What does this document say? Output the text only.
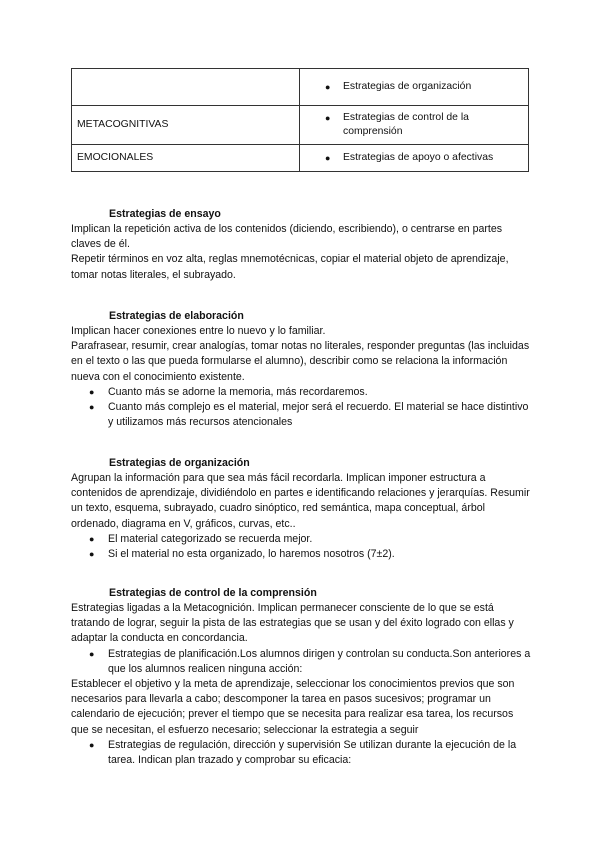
	● Estrategias de organización

METACOGNITIVAS	● Estrategias de control de la comprensión

EMOCIONALES	● Estrategias de apoyo o afectivas
Estrategias de ensayo

Implican la repetición activa de los contenidos (diciendo, escribiendo), o centrarse en partes claves de él.

Repetir términos en voz alta, reglas mnemotécnicas, copiar el material objeto de aprendizaje, tomar notas literales, el subrayado.

Estrategias de elaboración

Implican hacer conexiones entre lo nuevo y lo familiar.

Parafrasear, resumir, crear analogías, tomar notas no literales, responder preguntas (las incluidas en el texto o las que pueda formularse el alumno), describir como se relaciona la información nueva con el conocimiento existente.

● Cuanto más se adorne la memoria, más recordaremos.
● Cuanto más complejo es el material, mejor será el recuerdo. El material se hace distintivo y utilizamos más recursos atencionales
Estrategias de organización

Agrupan la información para que sea más fácil recordarla. Implican imponer estructura a contenidos de aprendizaje, dividiéndolo en partes e identificando relaciones y jerarquías. Resumir un texto, esquema, subrayado, cuadro sinóptico, red semántica, mapa conceptual, árbol ordenado, diagrama en V, gráficos, curvas, etc..

● El material categorizado se recuerda mejor.
● Si el material no esta organizado, lo haremos nosotros (7±2).
Estrategias de control de la comprensión

Estrategias ligadas a la Metacognición. Implican permanecer consciente de lo que se está tratando de lograr, seguir la pista de las estrategias que se usan y del éxito logrado con ellas y adaptar la conducta en concordancia.

● Estrategias de planificación.Los alumnos dirigen y controlan su conducta.Son anteriores a que los alumnos realicen ninguna acción:

Establecer el objetivo y la meta de aprendizaje, seleccionar los conocimientos previos que son necesarios para llevarla a cabo; descomponer la tarea en pasos sucesivos; programar un calendario de ejecución; prever el tiempo que se necesita para realizar esa tarea, los recursos que se necesitan, el esfuerzo necesario; seleccionar la estrategia a seguir

● Estrategias de regulación, dirección y supervisión Se utilizan durante la ejecución de la tarea. Indican plan trazado y comprobar su eficacia:
